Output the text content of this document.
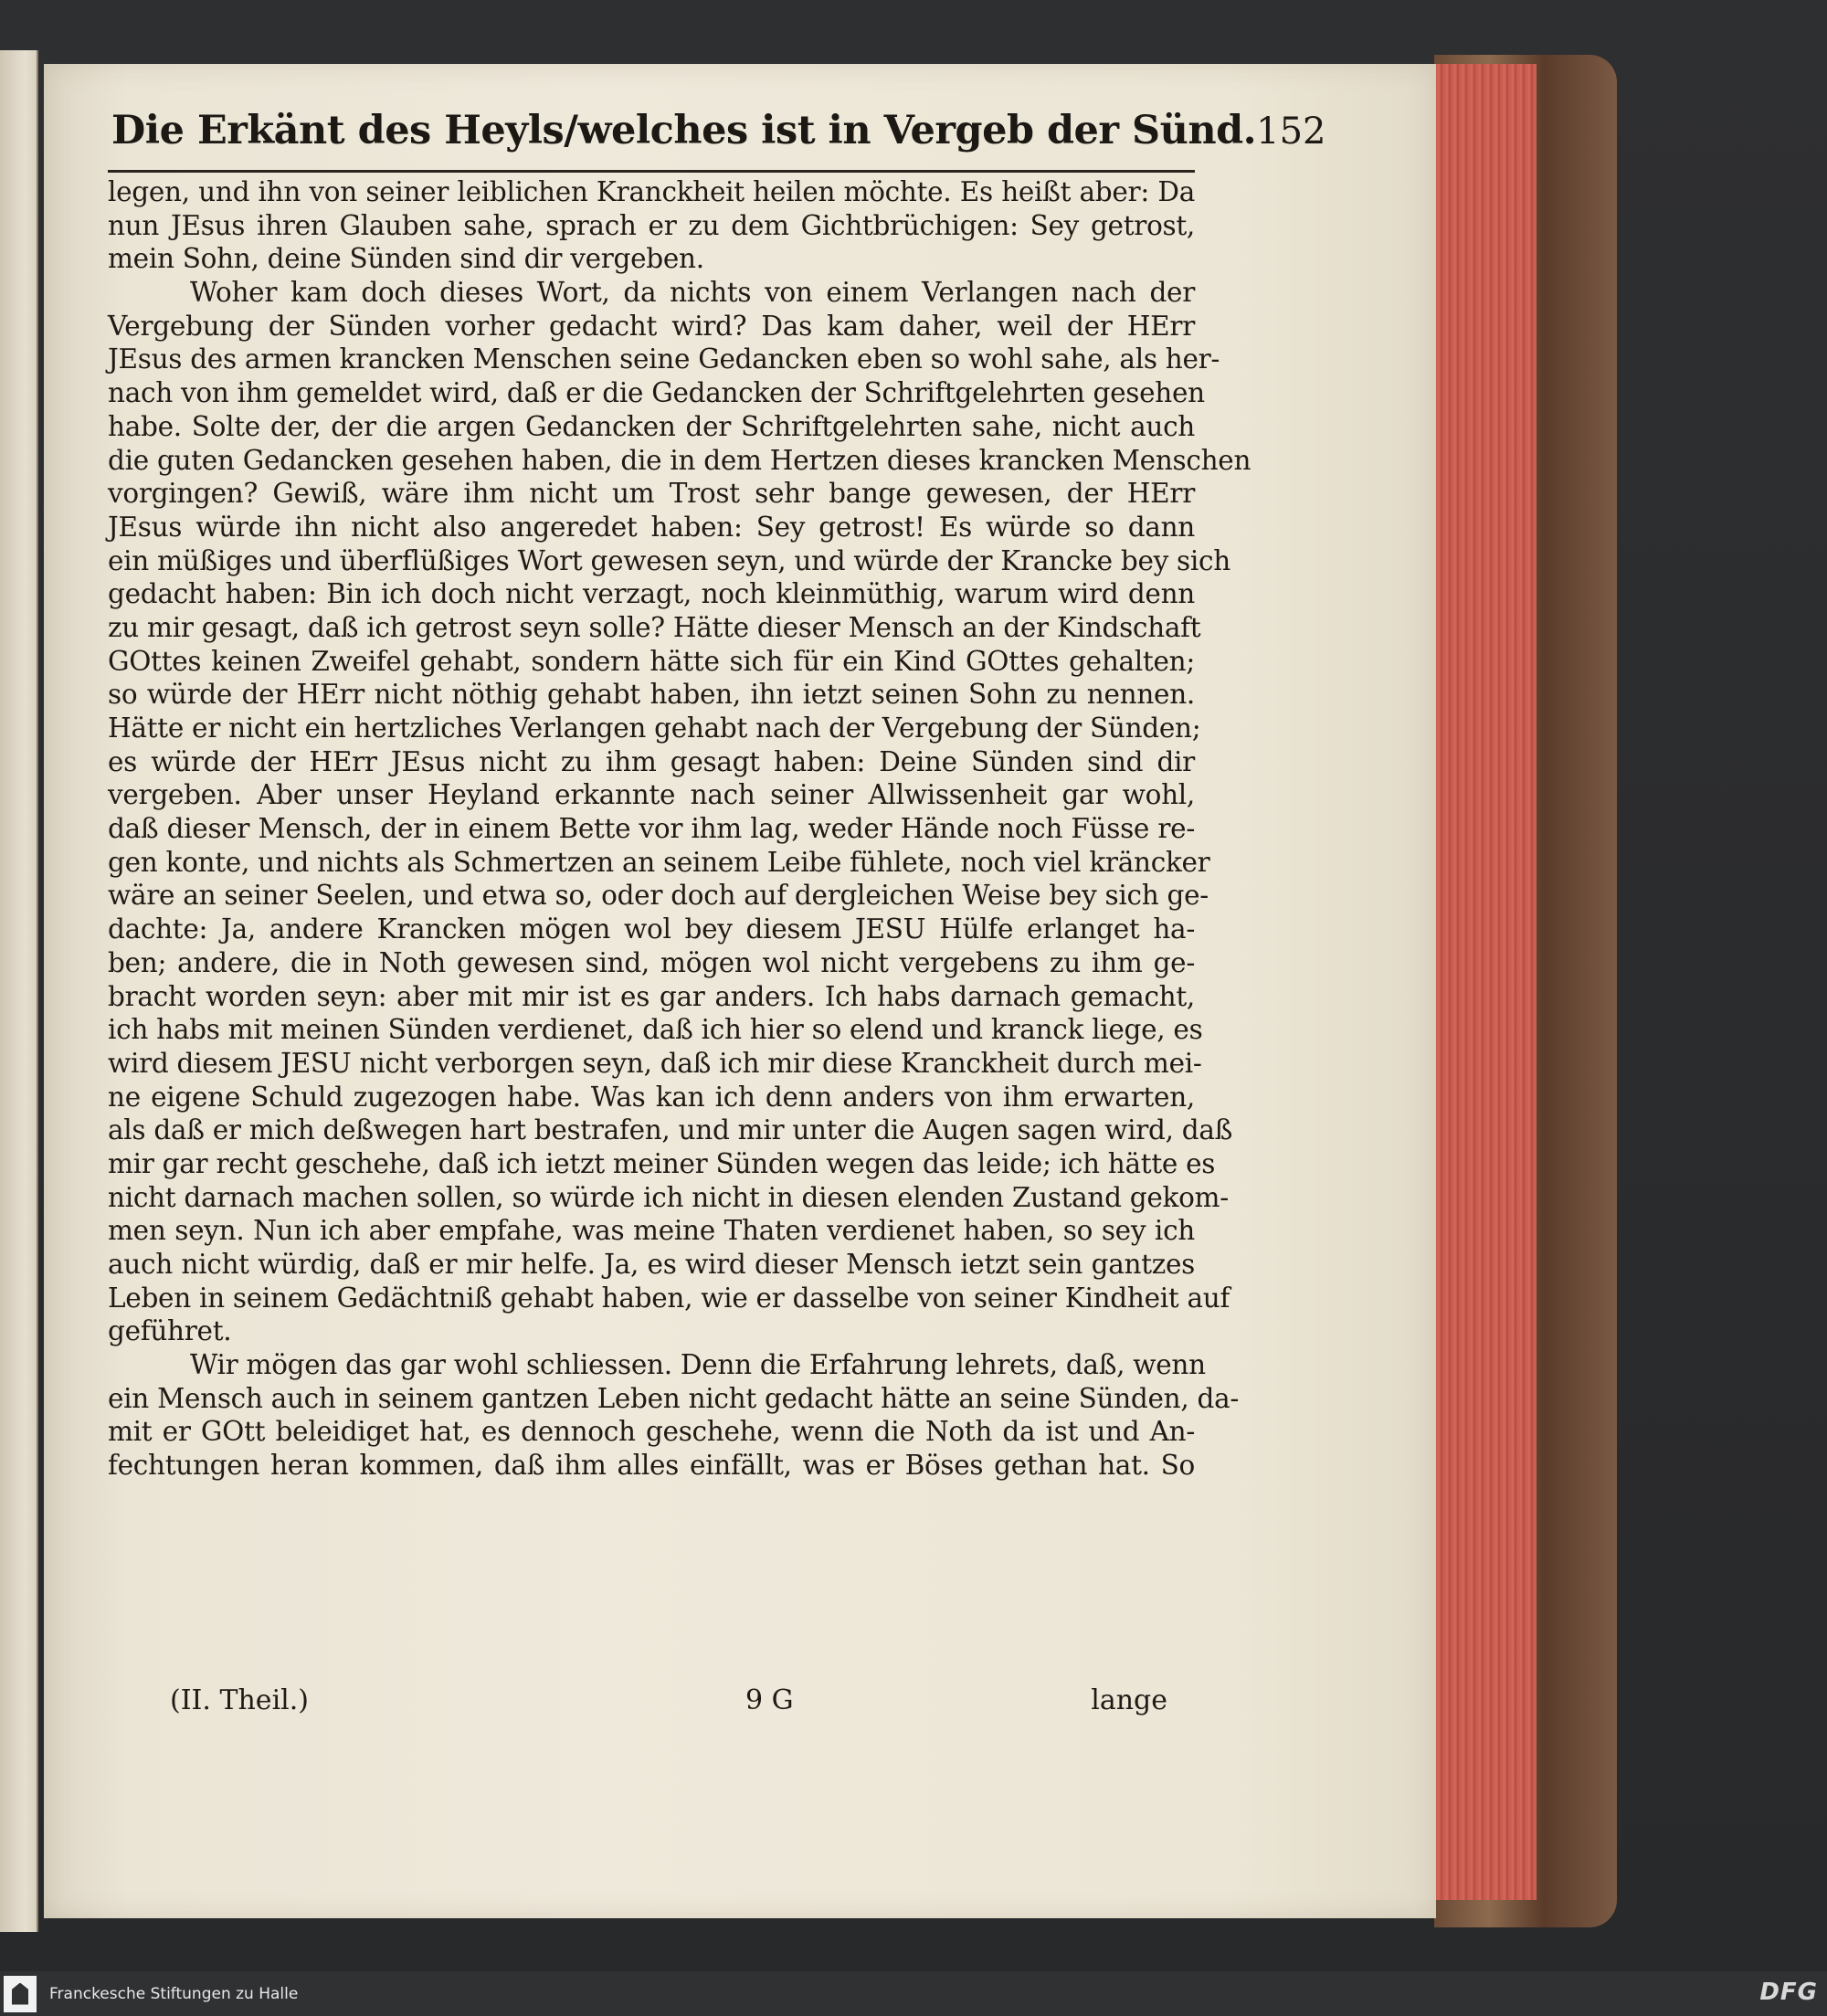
Die Erkänt des Heyls/welches ist in Vergeb der Sünd. 152
legen, und ihn von seiner leiblichen Kranckheit heilen möchte. Es heißt aber: Da
nun JEsus ihren Glauben sahe, sprach er zu dem Gichtbrüchigen: Sey getrost,
mein Sohn, deine Sünden sind dir vergeben.
Woher kam doch dieses Wort, da nichts von einem Verlangen nach der
Vergebung der Sünden vorher gedacht wird? Das kam daher, weil der HErr
JEsus des armen krancken Menschen seine Gedancken eben so wohl sahe, als her-
nach von ihm gemeldet wird, daß er die Gedancken der Schriftgelehrten gesehen
habe. Solte der, der die argen Gedancken der Schriftgelehrten sahe, nicht auch
die guten Gedancken gesehen haben, die in dem Hertzen dieses krancken Menschen
vorgingen? Gewiß, wäre ihm nicht um Trost sehr bange gewesen, der HErr
JEsus würde ihn nicht also angeredet haben: Sey getrost! Es würde so dann
ein müßiges und überflüßiges Wort gewesen seyn, und würde der Krancke bey sich
gedacht haben: Bin ich doch nicht verzagt, noch kleinmüthig, warum wird denn
zu mir gesagt, daß ich getrost seyn solle? Hätte dieser Mensch an der Kindschaft
GOttes keinen Zweifel gehabt, sondern hätte sich für ein Kind GOttes gehalten;
so würde der HErr nicht nöthig gehabt haben, ihn ietzt seinen Sohn zu nennen.
Hätte er nicht ein hertzliches Verlangen gehabt nach der Vergebung der Sünden;
es würde der HErr JEsus nicht zu ihm gesagt haben: Deine Sünden sind dir
vergeben. Aber unser Heyland erkannte nach seiner Allwissenheit gar wohl,
daß dieser Mensch, der in einem Bette vor ihm lag, weder Hände noch Füsse re-
gen konte, und nichts als Schmertzen an seinem Leibe fühlete, noch viel kräncker
wäre an seiner Seelen, und etwa so, oder doch auf dergleichen Weise bey sich ge-
dachte: Ja, andere Krancken mögen wol bey diesem JESU Hülfe erlanget ha-
ben; andere, die in Noth gewesen sind, mögen wol nicht vergebens zu ihm ge-
bracht worden seyn: aber mit mir ist es gar anders. Ich habs darnach gemacht,
ich habs mit meinen Sünden verdienet, daß ich hier so elend und kranck liege, es
wird diesem JESU nicht verborgen seyn, daß ich mir diese Kranckheit durch mei-
ne eigene Schuld zugezogen habe. Was kan ich denn anders von ihm erwarten,
als daß er mich deßwegen hart bestrafen, und mir unter die Augen sagen wird, daß
mir gar recht geschehe, daß ich ietzt meiner Sünden wegen das leide; ich hätte es
nicht darnach machen sollen, so würde ich nicht in diesen elenden Zustand gekom-
men seyn. Nun ich aber empfahe, was meine Thaten verdienet haben, so sey ich
auch nicht würdig, daß er mir helfe. Ja, es wird dieser Mensch ietzt sein gantzes
Leben in seinem Gedächtniß gehabt haben, wie er dasselbe von seiner Kindheit auf
geführet.
Wir mögen das gar wohl schliessen. Denn die Erfahrung lehrets, daß, wenn
ein Mensch auch in seinem gantzen Leben nicht gedacht hätte an seine Sünden, da-
mit er GOtt beleidiget hat, es dennoch geschehe, wenn die Noth da ist und An-
fechtungen heran kommen, daß ihm alles einfällt, was er Böses gethan hat. So
(II. Theil.)	9 G	lange
Franckesche Stiftungen zu Halle	DFG
